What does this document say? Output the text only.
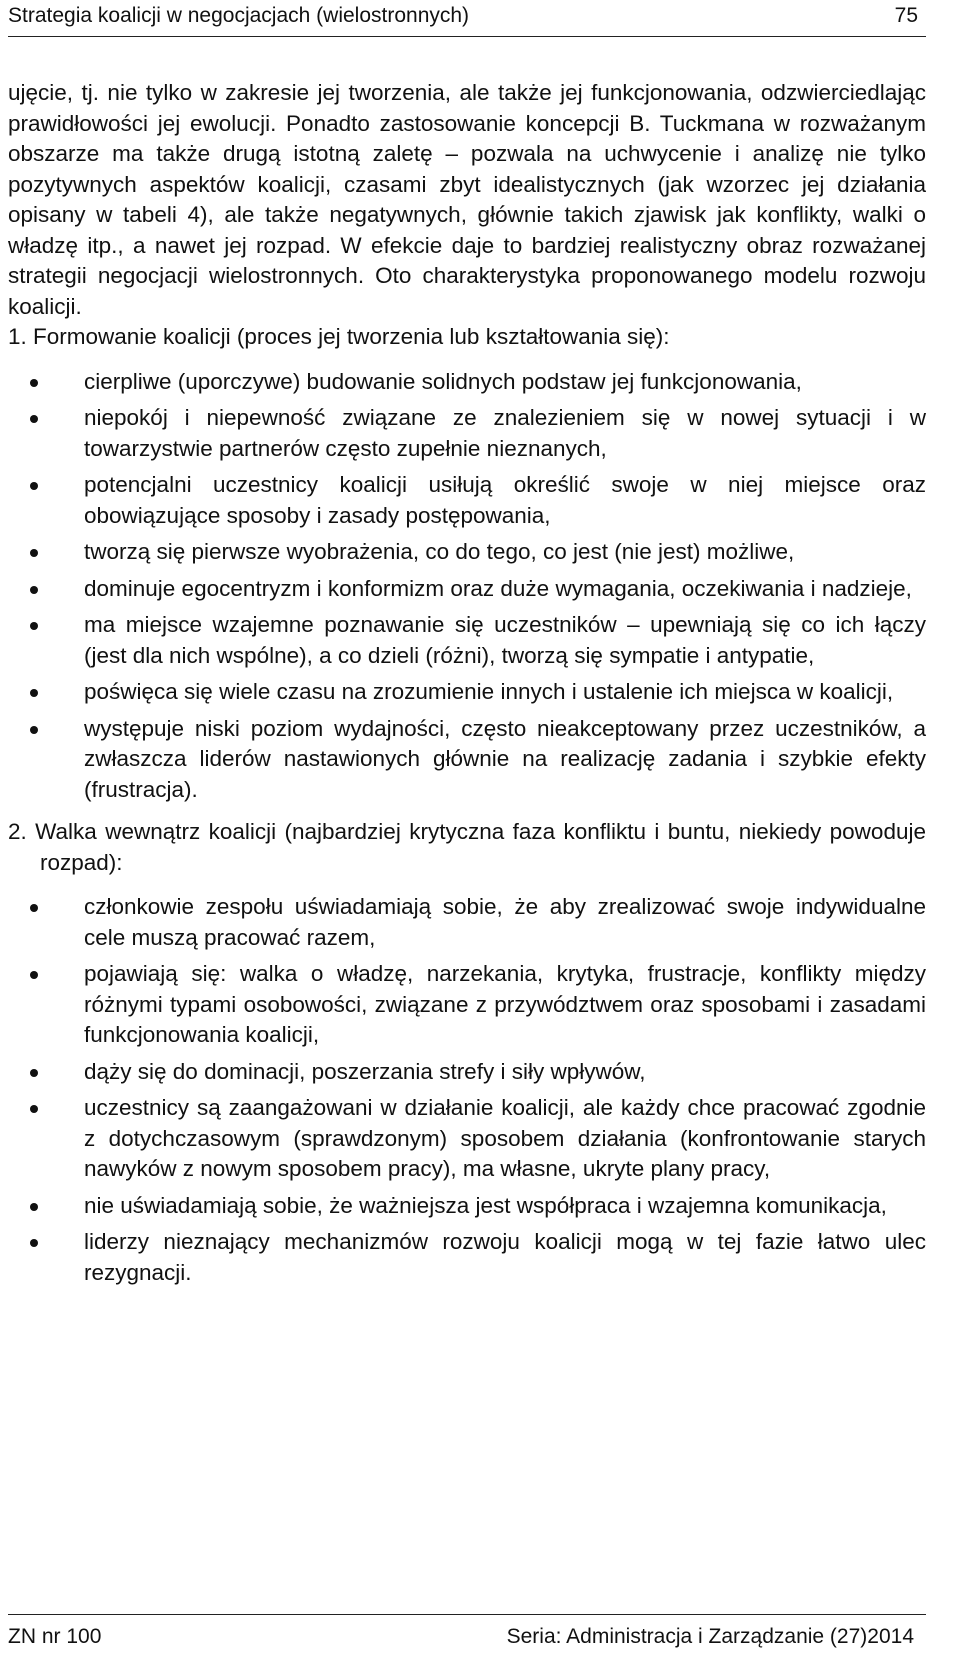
Strategia koalicji w negocjacjach (wielostronnych)	75

ujęcie, tj. nie tylko w zakresie jej tworzenia, ale także jej funkcjonowania, odzwierciedlając prawidłowości jej ewolucji. Ponadto zastosowanie koncepcji B. Tuckmana w rozważanym obszarze ma także drugą istotną zaletę – pozwala na uchwycenie i analizę nie tylko pozytywnych aspektów koalicji, czasami zbyt idealistycznych (jak wzorzec jej działania opisany w tabeli 4), ale także negatywnych, głównie takich zjawisk jak konflikty, walki o władzę itp., a nawet jej rozpad. W efekcie daje to bardziej realistyczny obraz rozważanej strategii negocjacji wielostronnych. Oto charakterystyka proponowanego modelu rozwoju koalicji.

1. Formowanie koalicji (proces jej tworzenia lub kształtowania się):

cierpliwe (uporczywe) budowanie solidnych podstaw jej funkcjonowania,
niepokój i niepewność związane ze znalezieniem się w nowej sytuacji i w towarzystwie partnerów często zupełnie nieznanych,
potencjalni uczestnicy koalicji usiłują określić swoje w niej miejsce oraz obowiązujące sposoby i zasady postępowania,
tworzą się pierwsze wyobrażenia, co do tego, co jest (nie jest) możliwe,
dominuje egocentryzm i konformizm oraz duże wymagania, oczekiwania i nadzieje,
ma miejsce wzajemne poznawanie się uczestników – upewniają się co ich łączy (jest dla nich wspólne), a co dzieli (różni), tworzą się sympatie i antypatie,
poświęca się wiele czasu na zrozumienie innych i ustalenie ich miejsca w koalicji,
występuje niski poziom wydajności, często nieakceptowany przez uczestników, a zwłaszcza liderów nastawionych głównie na realizację zadania i szybkie efekty (frustracja).

2. Walka wewnątrz koalicji (najbardziej krytyczna faza konfliktu i buntu, niekiedy powoduje rozpad):

członkowie zespołu uświadamiają sobie, że aby zrealizować swoje indywidualne cele muszą pracować razem,
pojawiają się: walka o władzę, narzekania, krytyka, frustracje, konflikty między różnymi typami osobowości, związane z przywództwem oraz sposobami i zasadami funkcjonowania koalicji,
dąży się do dominacji, poszerzania strefy i siły wpływów,
uczestnicy są zaangażowani w działanie koalicji, ale każdy chce pracować zgodnie z dotychczasowym (sprawdzonym) sposobem działania (konfrontowanie starych nawyków z nowym sposobem pracy), ma własne, ukryte plany pracy,
nie uświadamiają sobie, że ważniejsza jest współpraca i wzajemna komunikacja,
liderzy nieznający mechanizmów rozwoju koalicji mogą w tej fazie łatwo ulec rezygnacji.
ZN nr 100	Seria: Administracja i Zarządzanie (27)2014
